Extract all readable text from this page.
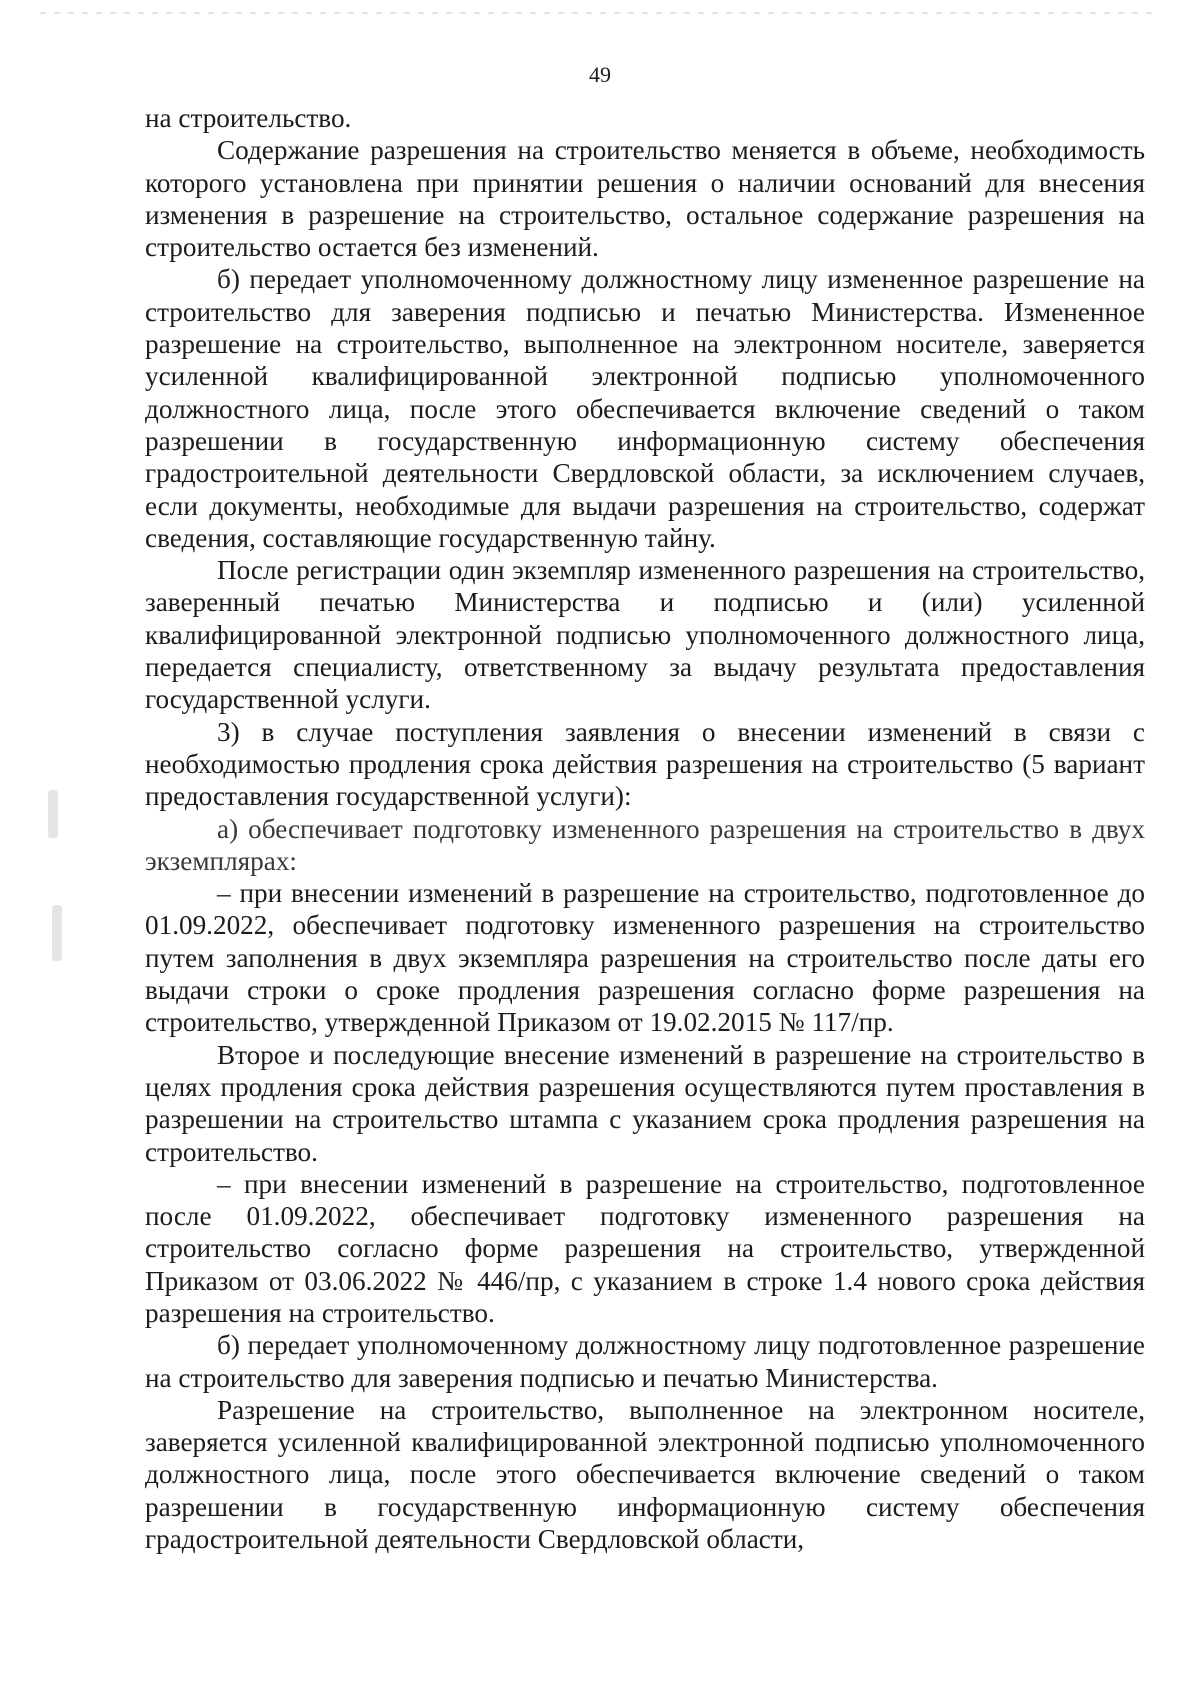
49

на строительство.

Содержание разрешения на строительство меняется в объеме, необходимость которого установлена при принятии решения о наличии оснований для внесения изменения в разрешение на строительство, остальное содержание разрешения на строительство остается без изменений.

б) передает уполномоченному должностному лицу измененное разрешение на строительство для заверения подписью и печатью Министерства. Измененное разрешение на строительство, выполненное на электронном носителе, заверяется усиленной квалифицированной электронной подписью уполномоченного должностного лица, после этого обеспечивается включение сведений о таком разрешении в государственную информационную систему обеспечения градостроительной деятельности Свердловской области, за исключением случаев, если документы, необходимые для выдачи разрешения на строительство, содержат сведения, составляющие государственную тайну.

После регистрации один экземпляр измененного разрешения на строительство, заверенный печатью Министерства и подписью и (или) усиленной квалифицированной электронной подписью уполномоченного должностного лица, передается специалисту, ответственному за выдачу результата предоставления государственной услуги.

3) в случае поступления заявления о внесении изменений в связи с необходимостью продления срока действия разрешения на строительство (5 вариант предоставления государственной услуги):

а) обеспечивает подготовку измененного разрешения на строительство в двух экземплярах:

– при внесении изменений в разрешение на строительство, подготовленное до 01.09.2022, обеспечивает подготовку измененного разрешения на строительство путем заполнения в двух экземпляра разрешения на строительство после даты его выдачи строки о сроке продления разрешения согласно форме разрешения на строительство, утвержденной Приказом от 19.02.2015 № 117/пр.

Второе и последующие внесение изменений в разрешение на строительство в целях продления срока действия разрешения осуществляются путем проставления в разрешении на строительство штампа с указанием срока продления разрешения на строительство.

– при внесении изменений в разрешение на строительство, подготовленное после 01.09.2022, обеспечивает подготовку измененного разрешения на строительство согласно форме разрешения на строительство, утвержденной Приказом от 03.06.2022 № 446/пр, с указанием в строке 1.4 нового срока действия разрешения на строительство.

б) передает уполномоченному должностному лицу подготовленное разрешение на строительство для заверения подписью и печатью Министерства.

Разрешение на строительство, выполненное на электронном носителе, заверяется усиленной квалифицированной электронной подписью уполномоченного должностного лица, после этого обеспечивается включение сведений о таком разрешении в государственную информационную систему обеспечения градостроительной деятельности Свердловской области,
